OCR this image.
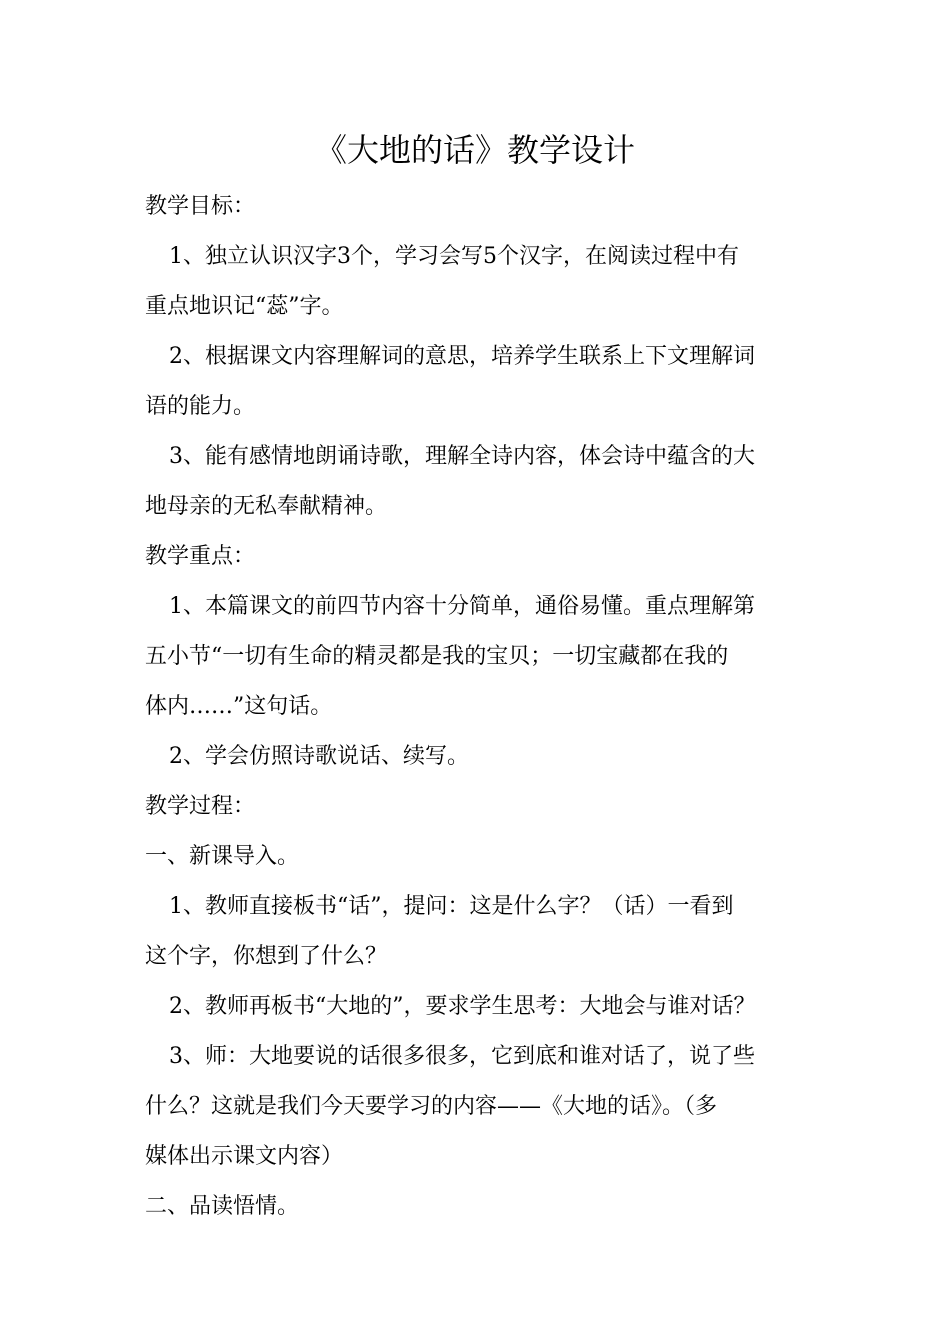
《大地的话》教学设计

教学目标：

1、独立认识汉字3个，学习会写5个汉字，在阅读过程中有

重点地识记“蕊”字。

2、根据课文内容理解词的意思，培养学生联系上下文理解词

语的能力。

3、能有感情地朗诵诗歌，理解全诗内容，体会诗中蕴含的大

地母亲的无私奉献精神。

教学重点：

1、本篇课文的前四节内容十分简单，通俗易懂。重点理解第

五小节“一切有生命的精灵都是我的宝贝；一切宝藏都在我的

体内……”这句话。

2、学会仿照诗歌说话、续写。

教学过程：

一、新课导入。

1、教师直接板书“话”，提问：这是什么字？（话）一看到

这个字，你想到了什么？

2、教师再板书“大地的”，要求学生思考：大地会与谁对话？

3、师：大地要说的话很多很多，它到底和谁对话了，说了些

什么？这就是我们今天要学习的内容——《大地的话》。（多

媒体出示课文内容）

二、品读悟情。
